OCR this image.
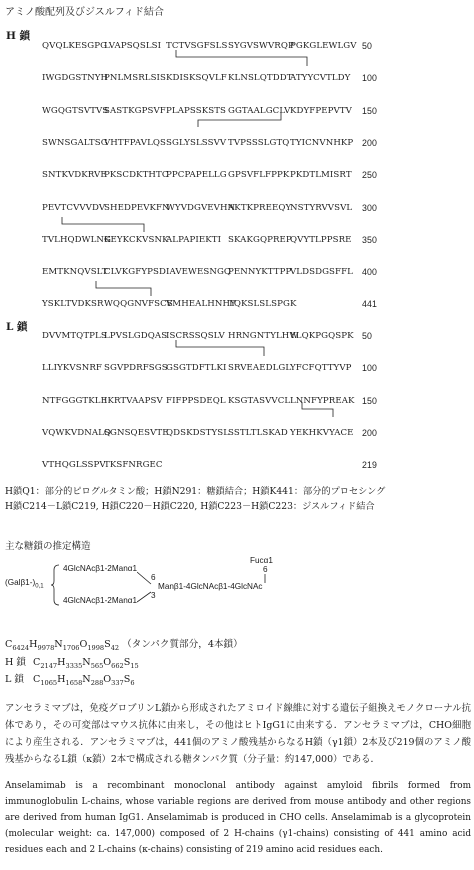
アミノ酸配列及びジスルフィド結合
H 鎖
QVQLKESGPG
LVAPSQSLSI TCTVSGFSLS SYGVSWVRQP
PGKGLEWLGV 50
IWGDGSTNYH
PNLMSRLSIS KDISKSQVLF KLNSLQTDDT
ATYYCVTLDY 100
WGQGTSVTVS
SASTKGPSVF PLAPSSKSTS GGTAALGCLV KDYFPEPVTV 150
SWNSGALTSG
VHTFPAVLQS SGLYSLSSVV TVPSSSLGTQ TYICNVNHKP 200
SNTKVDKRVE
PKSCDKTHTC
PPCPAPELLG GPSVFLFPPK PKDTLMISRT 250
PEVTCVVVDV
SHEDPEVKFN
WYVDGVEVHN
AKTKPREEQY
NSTYRVVSVL 300
TVLHQDWLNG
KEYKCKVSNK
ALPAPIEKTI SKAKGQPREP
QVYTLPPSRE 350
EMTKNQVSLT
CLVKGFYPSD IAVEWESNGQ
PENNYKTTPP
VLDSDGSFFL 400
YSKLTVDKSR WQQGNVFSCS
VMHEALHNHY
TQKSLSLSPG K	441
L 鎖
DVVMTQTPLS
LPVSLGDQAS
ISCRSSQSLV HRNGNTYLHW
YLQKPGQSPK 50
LLIYKVSNRF SGVPDRFSGS
GSGTDFTLKI SRVEAEDLGL
YFCFQTTYVP 100
NTFGGGTKLE
IKRTVAAPSV FIFPPSDEQL KSGTASVVCL LNNFYPREAK 150
VQWKVDNALQ
SGNSQESVTE
QDSKDSTYSL
SSTLTLSKAD YEKHKVYACE 200
VTHQGLSSPV
TKSFNRGEC	219
H鎖Q1：部分的ピログルタミン酸；H鎖N291：糖鎖結合；H鎖K441：部分的プロセシング
H鎖C214－L鎖C219, H鎖C220－H鎖C220, H鎖C223－H鎖C223：ジスルフィド結合
主な糖鎖の推定構造
$(Gal\beta 1-)_{0,1}$
4GlcNAcβ1-2Manα1
4GlcNAcβ1-2Manα1
6
3
Manβ1-4GlcNAcβ1-4GlcNAc
Fucα1
6
$C_{6424}H_{9978}N_{1706}O_{1998}S_{42}$ （タンパク質部分，4本鎖）
H 鎖 $C_{2147}H_{3335}N_{565}O_{662}S_{15}$
L 鎖 $C_{1065}H_{1658}N_{288}O_{337}S_6$
アンセラミマブは，免疫グロブリンL鎖から形成されたアミロイド線維に対する遺伝子組換えモノクローナル抗体であり，その可変部はマウス抗体に由来し，その他はヒトIgG1に由来する．アンセラミマブは，CHO細胞により産生される．アンセラミマブは，441個のアミノ酸残基からなるH鎖（γ1鎖）2本及び219個のアミノ酸残基からなるL鎖（κ鎖）2本で構成される糖タンパク質（分子量：約147,000）である．
Anselamimab is a recombinant monoclonal antibody against amyloid fibrils formed from immunoglobulin L-chains, whose variable regions are derived from mouse antibody and other regions are derived from human IgG1. Anselamimab is produced in CHO cells. Anselamimab is a glycoprotein (molecular weight: ca. 147,000) composed of 2 H-chains (γ1-chains) consisting of 441 amino acid residues each and 2 L-chains (κ-chains) consisting of 219 amino acid residues each.
